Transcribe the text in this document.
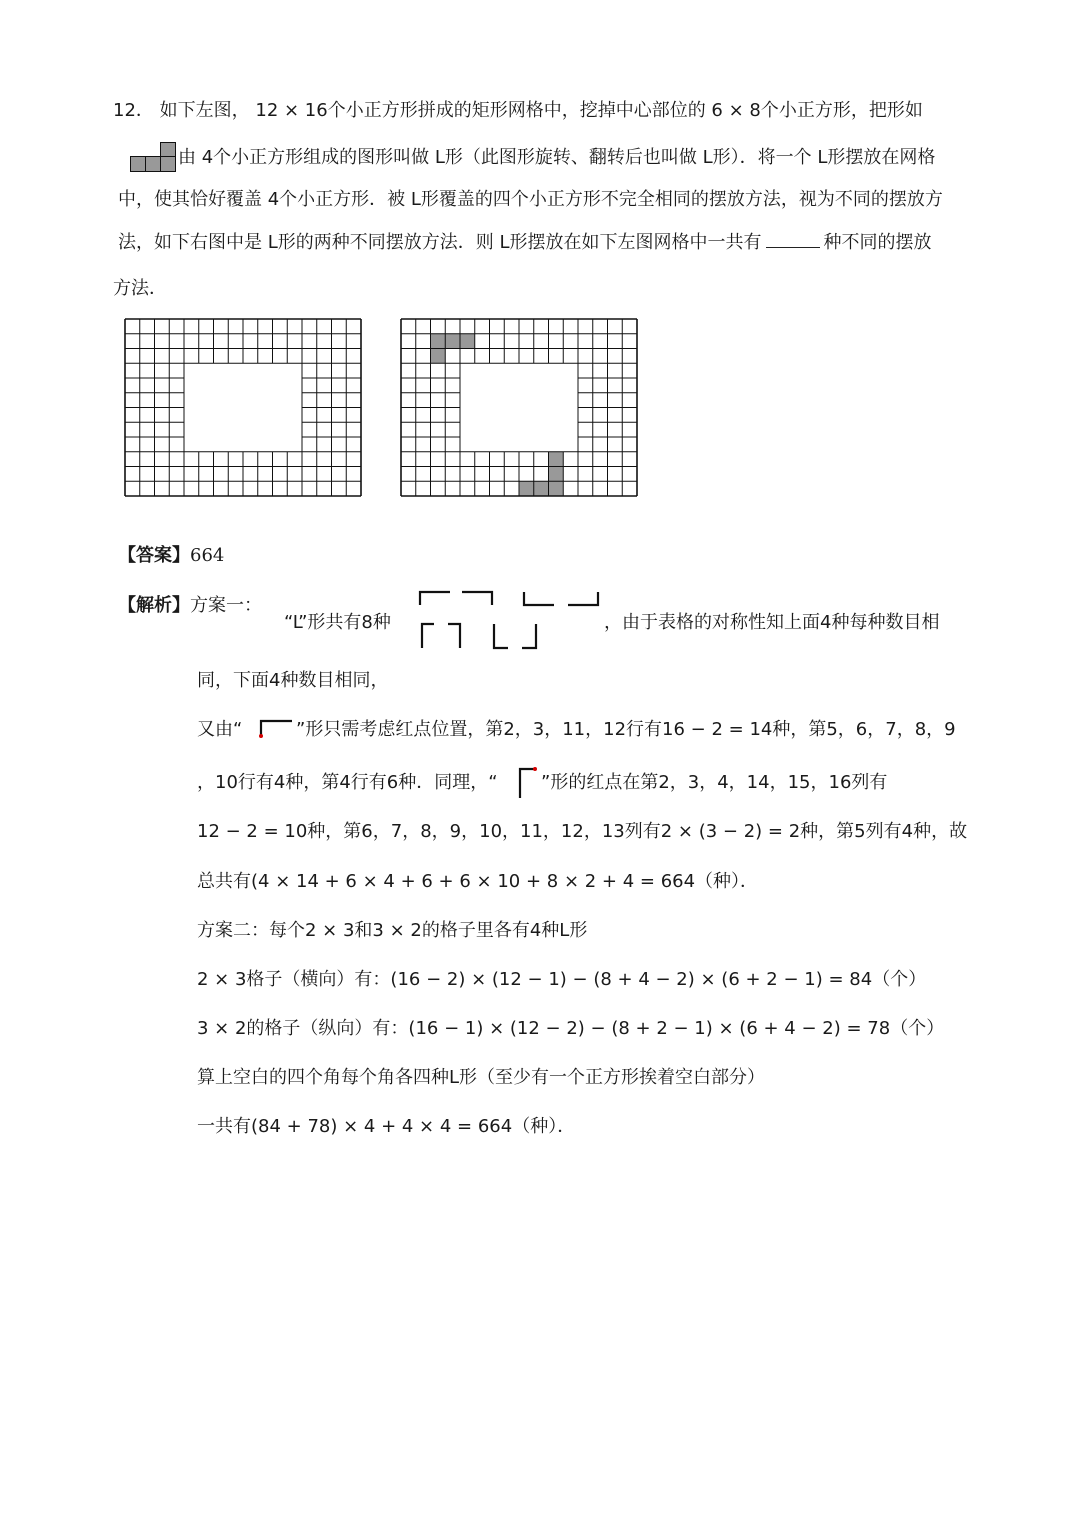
12． 如下左图， 12 × 16个小正方形拼成的矩形网格中，挖掉中心部位的 6 × 8个小正方形，把形如
由 4个小正方形组成的图形叫做 L形（此图形旋转、翻转后也叫做 L形）．将一个 L形摆放在网格
中，使其恰好覆盖 4个小正方形．被 L形覆盖的四个小正方形不完全相同的摆放方法，视为不同的摆放方
法，如下右图中是 L形的两种不同摆放方法．则 L形摆放在如下左图网格中一共有	种不同的摆放
方法．
【答案】664
【解析】方案一：
“L”形共有8种	，由于表格的对称性知上面4种每种数目相
同，下面4种数目相同，
又由“	”形只需考虑红点位置，第2，3，11，12行有16 − 2 = 14种，第5，6，7，8，9
，10行有4种，第4行有6种．同理，“ ”形的红点在第2，3，4，14，15，16列有
12 − 2 = 10种，第6，7，8，9，10，11，12，13列有2 × (3 − 2) = 2种，第5列有4种，故
总共有(4 × 14 + 6 × 4 + 6 + 6 × 10 + 8 × 2 + 4 = 664（种）．
方案二：每个2 × 3和3 × 2的格子里各有4种L形
2 × 3格子（横向）有：(16 − 2) × (12 − 1) − (8 + 4 − 2) × (6 + 2 − 1) = 84（个）
3 × 2的格子（纵向）有：(16 − 1) × (12 − 2) − (8 + 2 − 1) × (6 + 4 − 2) = 78（个）
算上空白的四个角每个角各四种L形（至少有一个正方形挨着空白部分）
一共有(84 + 78) × 4 + 4 × 4 = 664（种）．
